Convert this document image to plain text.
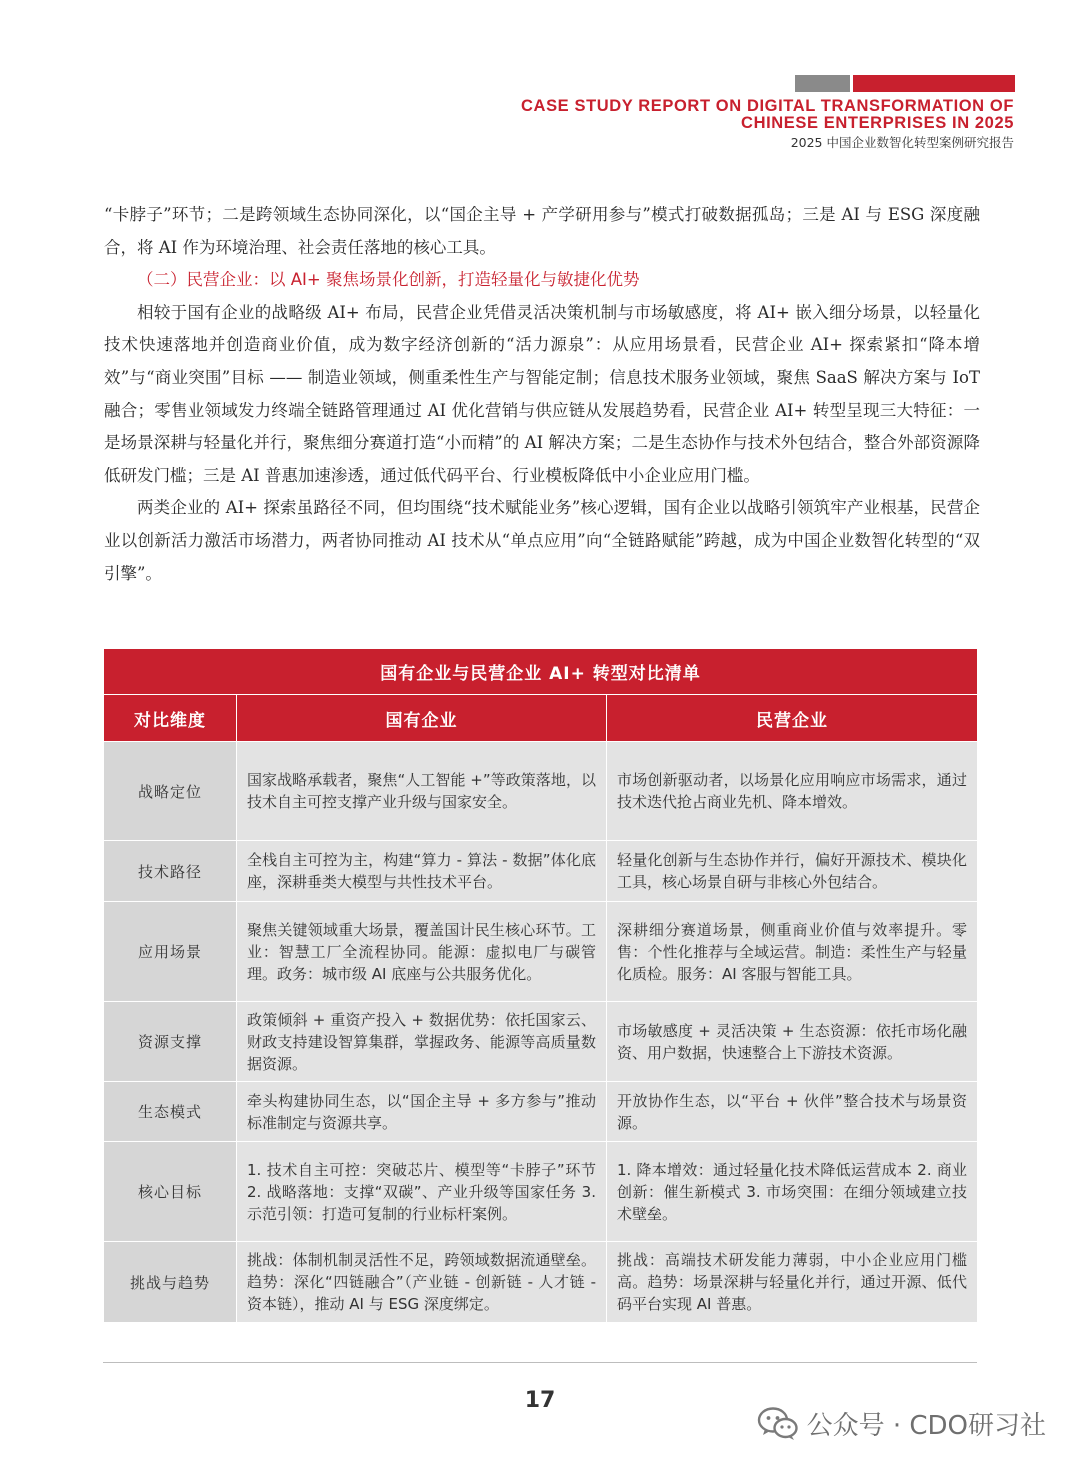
CASE STUDY REPORT ON DIGITAL TRANSFORMATION OF
CHINESE ENTERPRISES IN 2025
2025 中国企业数智化转型案例研究报告

“卡脖子”环节；二是跨领域生态协同深化，以“国企主导 + 产学研用参与”模式打破数据孤岛；三是 AI 与 ESG 深度融合，将 AI 作为环境治理、社会责任落地的核心工具。

（二）民营企业：以 AI+ 聚焦场景化创新，打造轻量化与敏捷化优势

相较于国有企业的战略级 AI+ 布局，民营企业凭借灵活决策机制与市场敏感度，将 AI+ 嵌入细分场景，以轻量化技术快速落地并创造商业价值，成为数字经济创新的“活力源泉”：从应用场景看，民营企业 AI+ 探索紧扣“降本增效”与“商业突围”目标 —— 制造业领域，侧重柔性生产与智能定制；信息技术服务业领域，聚焦 SaaS 解决方案与 IoT 融合；零售业领域发力终端全链路管理通过 AI 优化营销与供应链从发展趋势看，民营企业 AI+ 转型呈现三大特征：一是场景深耕与轻量化并行，聚焦细分赛道打造“小而精”的 AI 解决方案；二是生态协作与技术外包结合，整合外部资源降低研发门槛；三是 AI 普惠加速渗透，通过低代码平台、行业模板降低中小企业应用门槛。

两类企业的 AI+ 探索虽路径不同，但均围绕“技术赋能业务”核心逻辑，国有企业以战略引领筑牢产业根基，民营企业以创新活力激活市场潜力，两者协同推动 AI 技术从“单点应用”向“全链路赋能”跨越，成为中国企业数智化转型的“双引擎”。

国有企业与民营企业 AI+ 转型对比清单		
对比维度	国有企业	民营企业
战略定位	国家战略承载者，聚焦“人工智能 +”等政策落地，以技术自主可控支撑产业升级与国家安全。	市场创新驱动者，以场景化应用响应市场需求，通过技术迭代抢占商业先机、降本增效。
技术路径	全栈自主可控为主，构建“算力 - 算法 - 数据”体化底座，深耕垂类大模型与共性技术平台。	轻量化创新与生态协作并行，偏好开源技术、模块化工具，核心场景自研与非核心外包结合。
应用场景	聚焦关键领域重大场景，覆盖国计民生核心环节。工业：智慧工厂全流程协同。能源：虚拟电厂与碳管理。政务：城市级 AI 底座与公共服务优化。	深耕细分赛道场景，侧重商业价值与效率提升。零售：个性化推荐与全域运营。制造：柔性生产与轻量化质检。服务：AI 客服与智能工具。
资源支撑	政策倾斜 + 重资产投入 + 数据优势：依托国家云、财政支持建设智算集群，掌握政务、能源等高质量数据资源。	市场敏感度 + 灵活决策 + 生态资源：依托市场化融资、用户数据，快速整合上下游技术资源。
生态模式	牵头构建协同生态，以“国企主导 + 多方参与”推动标准制定与资源共享。	开放协作生态，以“平台 + 伙伴”整合技术与场景资源。
核心目标	1. 技术自主可控：突破芯片、模型等“卡脖子”环节 2. 战略落地：支撑“双碳”、产业升级等国家任务 3. 示范引领：打造可复制的行业标杆案例。	1. 降本增效：通过轻量化技术降低运营成本 2. 商业创新：催生新模式 3. 市场突围：在细分领域建立技术壁垒。
挑战与趋势	挑战：体制机制灵活性不足，跨领域数据流通壁垒。趋势：深化“四链融合”（产业链 - 创新链 - 人才链 - 资本链），推动 AI 与 ESG 深度绑定。	挑战：高端技术研发能力薄弱，中小企业应用门槛高。趋势：场景深耕与轻量化并行，通过开源、低代码平台实现 AI 普惠。
17
公众号 · CDO研习社
